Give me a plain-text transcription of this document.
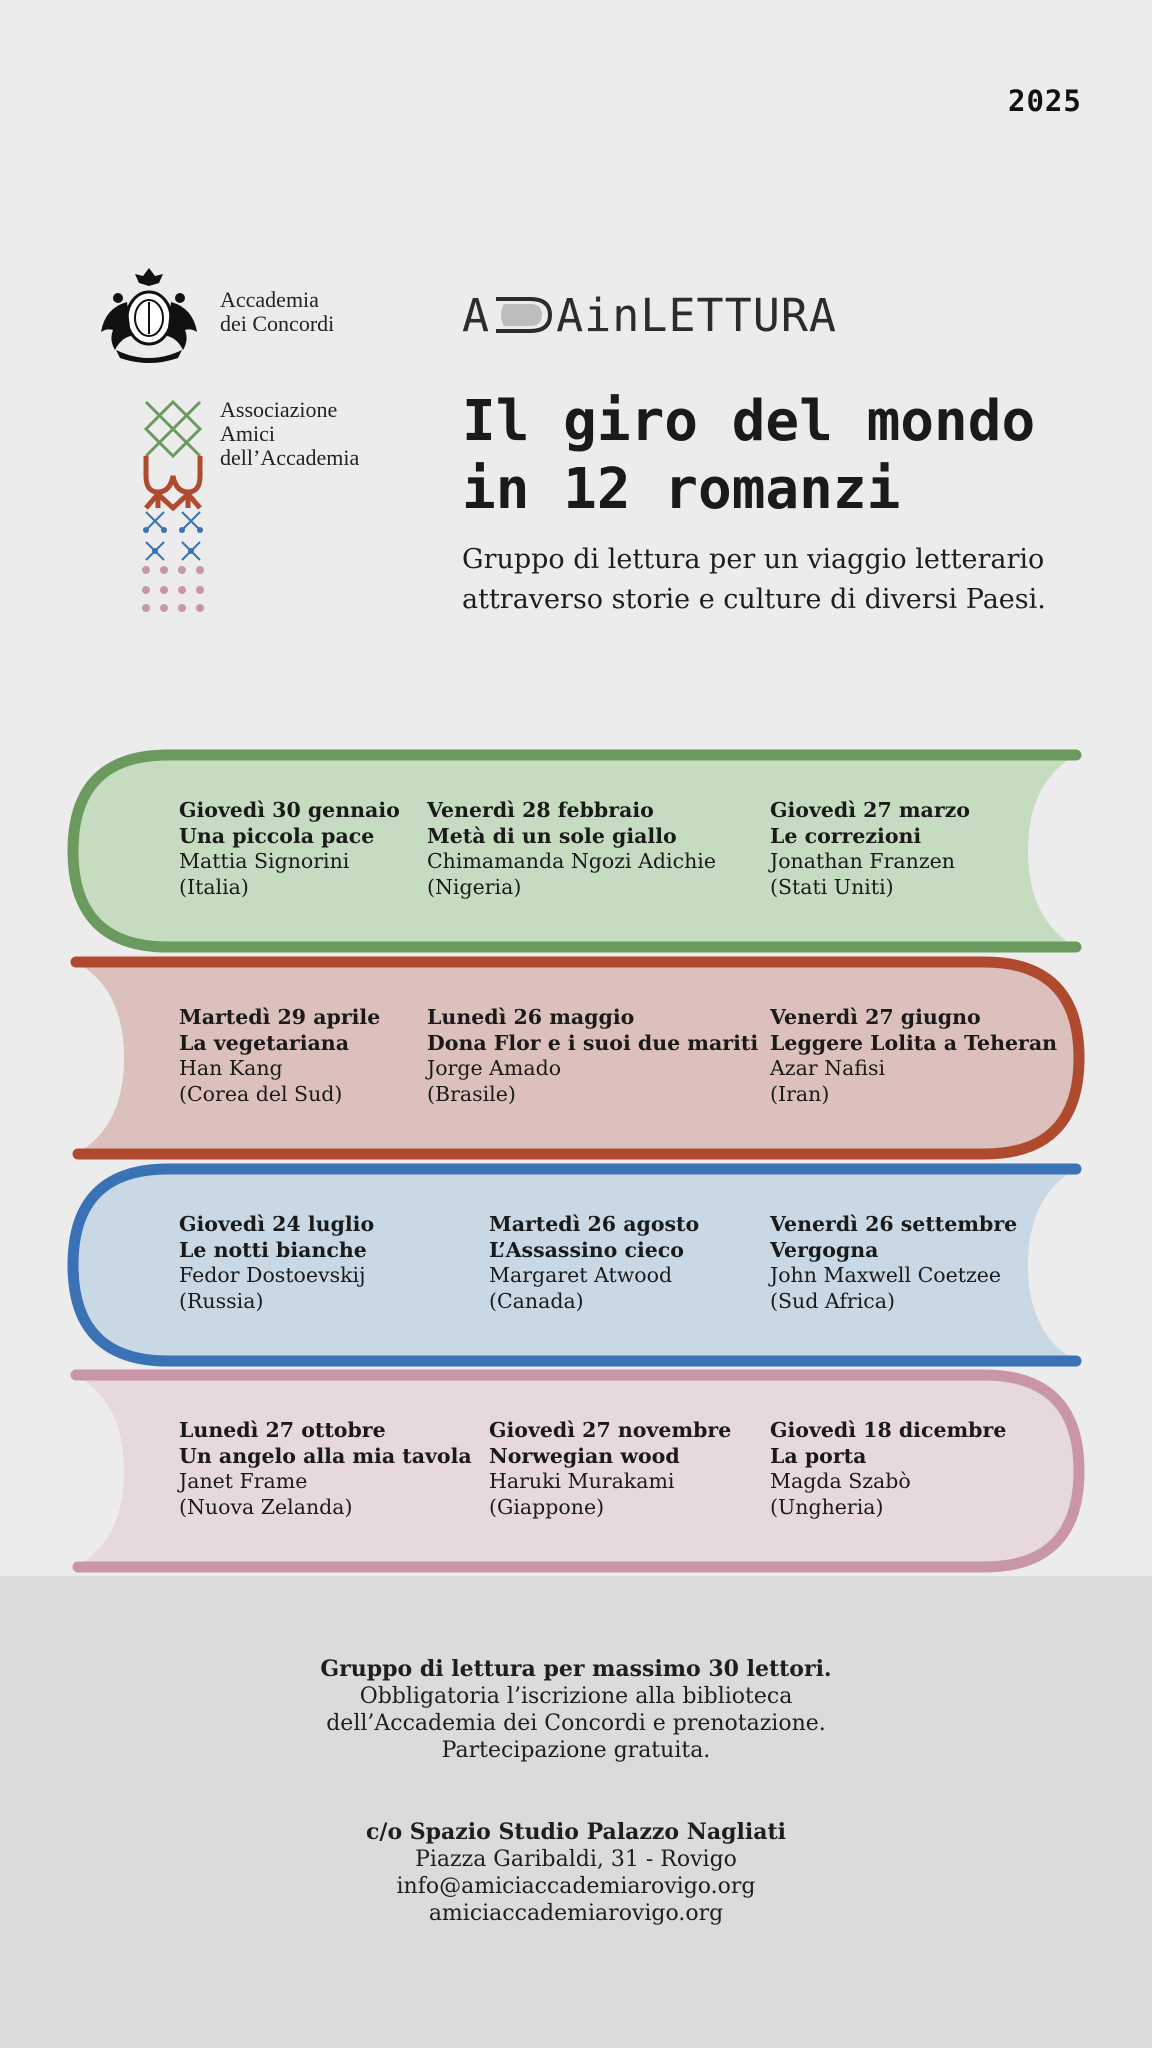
2025
Accademia
dei Concordi
Associazione
Amici
dell’Accademia
A AinLETTURA
Il giro del mondo
in 12 romanzi
Gruppo di lettura per un viaggio letterario attraverso storie e culture di diversi Paesi.
Giovedì 30 gennaio
Una piccola pace
Mattia Signorini
(Italia)
Venerdì 28 febbraio
Metà di un sole giallo
Chimamanda Ngozi Adichie
(Nigeria)
Giovedì 27 marzo
Le correzioni
Jonathan Franzen
(Stati Uniti)
Martedì 29 aprile
La vegetariana
Han Kang
(Corea del Sud)
Lunedì 26 maggio
Dona Flor e i suoi due mariti
Jorge Amado
(Brasile)
Venerdì 27 giugno
Leggere Lolita a Teheran
Azar Nafisi
(Iran)
Giovedì 24 luglio
Le notti bianche
Fedor Dostoevskij
(Russia)
Martedì 26 agosto
L’Assassino cieco
Margaret Atwood
(Canada)
Venerdì 26 settembre
Vergogna
John Maxwell Coetzee
(Sud Africa)
Lunedì 27 ottobre
Un angelo alla mia tavola
Janet Frame
(Nuova Zelanda)
Giovedì 27 novembre
Norwegian wood
Haruki Murakami
(Giappone)
Giovedì 18 dicembre
La porta
Magda Szabò
(Ungheria)
Gruppo di lettura per massimo 30 lettori.
Obbligatoria l’iscrizione alla biblioteca
dell’Accademia dei Concordi e prenotazione.
Partecipazione gratuita.
c/o Spazio Studio Palazzo Nagliati
Piazza Garibaldi, 31 - Rovigo
info@amiciaccademiarovigo.org
amiciaccademiarovigo.org
